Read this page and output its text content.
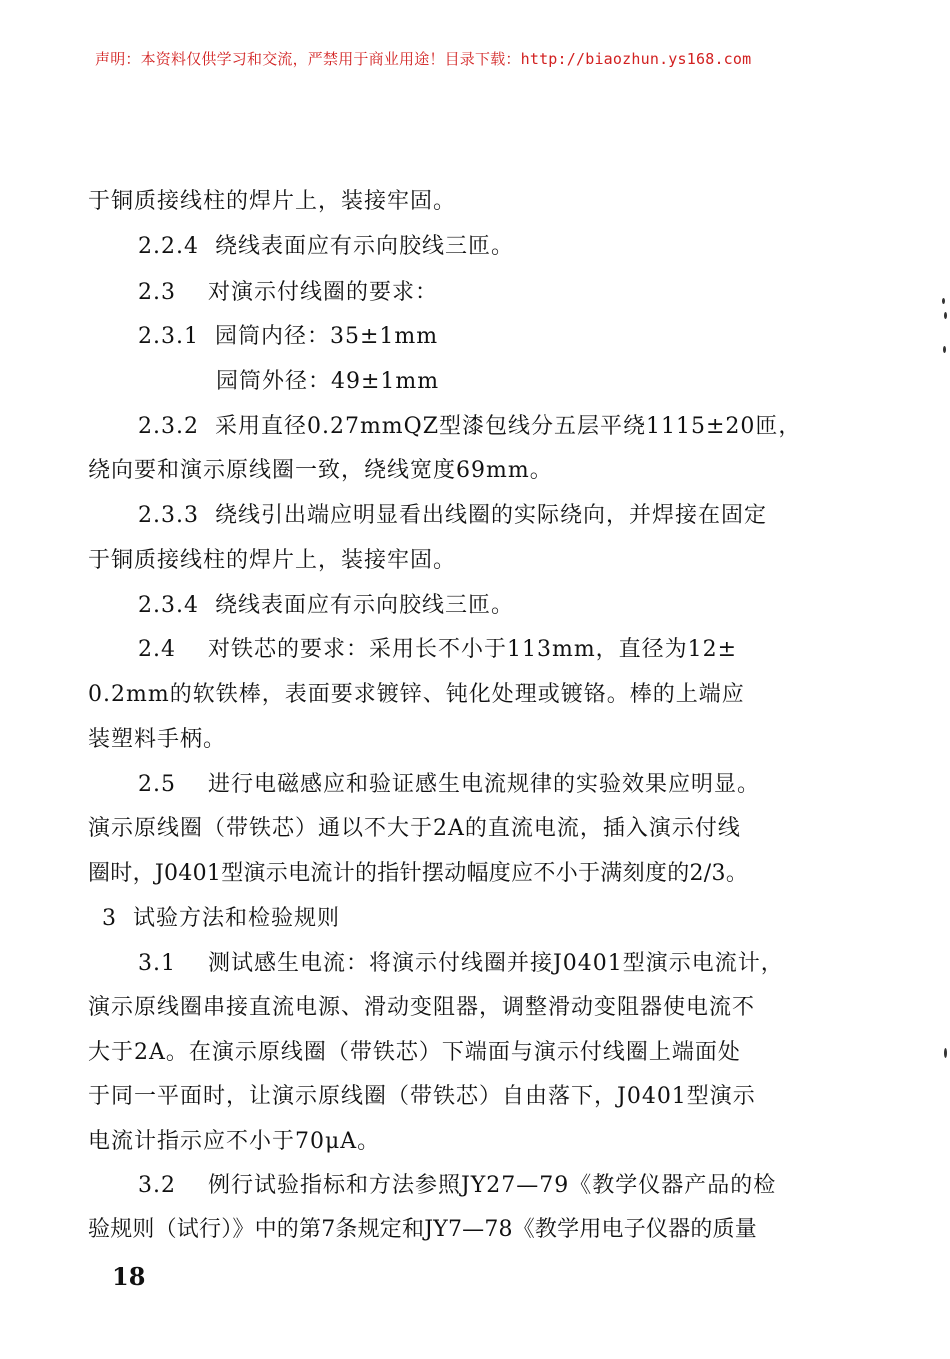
声明：本资料仅供学习和交流，严禁用于商业用途！目录下载：http://biaozhun.ys168.com
于铜质接线柱的焊片上，装接牢固。
2.2.4  绕线表面应有示向胶线三匝。
2.3    对演示付线圈的要求：
2.3.1  园筒内径：35±1mm
园筒外径：49±1mm
2.3.2  采用直径0.27mmQZ型漆包线分五层平绕1115±20匝，
绕向要和演示原线圈一致，绕线宽度69mm。
2.3.3  绕线引出端应明显看出线圈的实际绕向，并焊接在固定
于铜质接线柱的焊片上，装接牢固。
2.3.4  绕线表面应有示向胶线三匝。
2.4    对铁芯的要求：采用长不小于113mm，直径为12±
0.2mm的软铁棒，表面要求镀锌、钝化处理或镀铬。棒的上端应
装塑料手柄。
2.5    进行电磁感应和验证感生电流规律的实验效果应明显。
演示原线圈（带铁芯）通以不大于2A的直流电流，插入演示付线
圈时，J0401型演示电流计的指针摆动幅度应不小于满刻度的2/3。
3  试验方法和检验规则
3.1    测试感生电流：将演示付线圈并接J0401型演示电流计，
演示原线圈串接直流电源、滑动变阻器，调整滑动变阻器使电流不
大于2A。在演示原线圈（带铁芯）下端面与演示付线圈上端面处
于同一平面时，让演示原线圈（带铁芯）自由落下，J0401型演示
电流计指示应不小于70μA。
3.2    例行试验指标和方法参照JY27—79《教学仪器产品的检
验规则（试行）》中的第7条规定和JY7—78《教学用电子仪器的质量
18
